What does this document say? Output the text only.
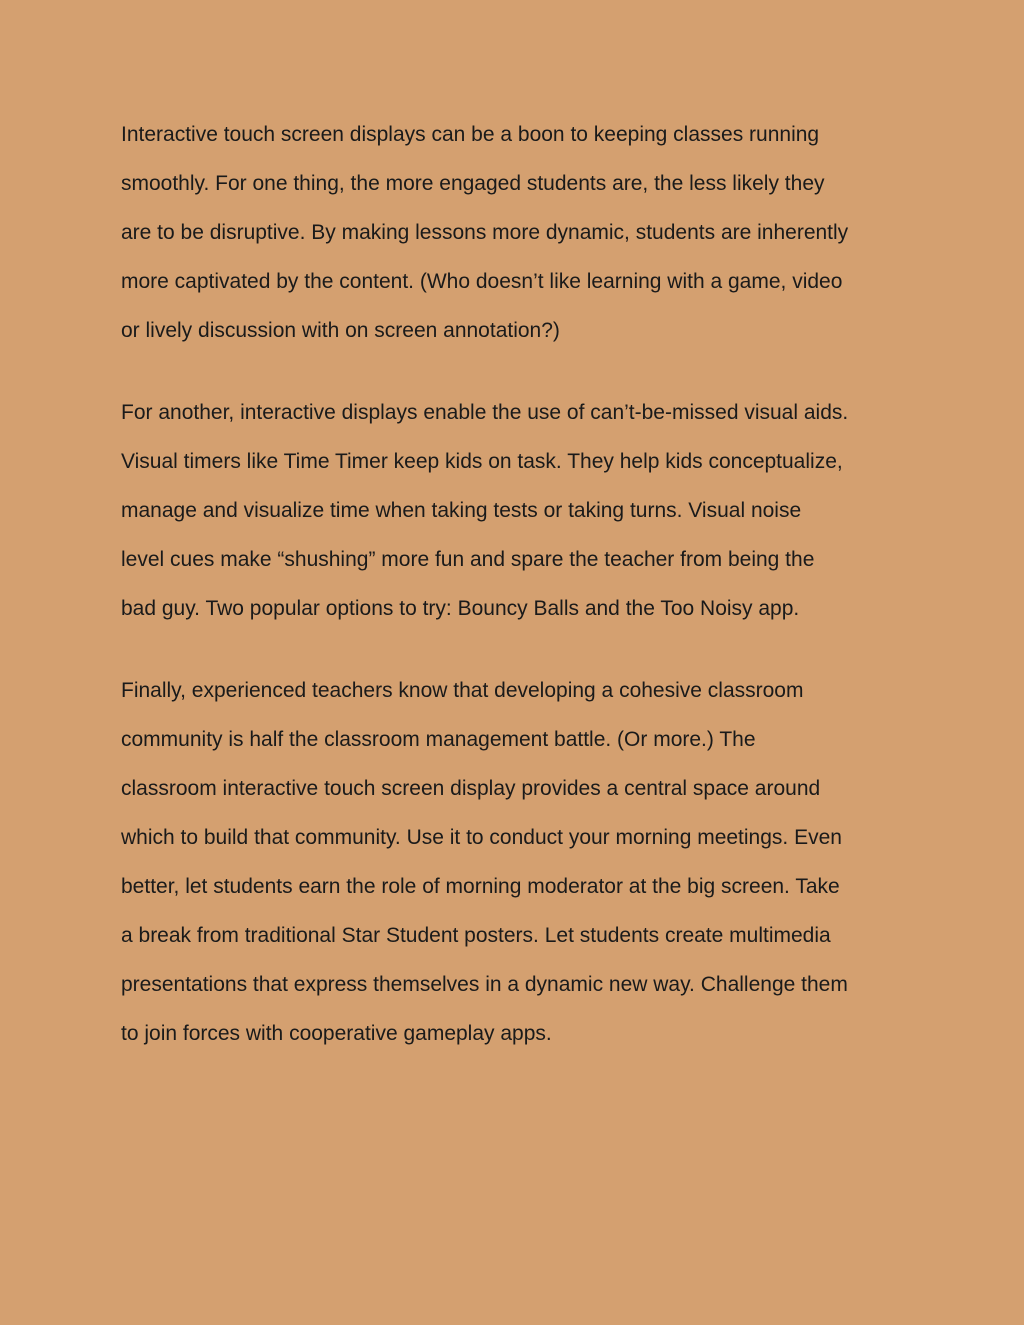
Interactive touch screen displays can be a boon to keeping classes running
smoothly. For one thing, the more engaged students are, the less likely they
are to be disruptive. By making lessons more dynamic, students are inherently
more captivated by the content. (Who doesn’t like learning with a game, video
or lively discussion with on screen annotation?)

For another, interactive displays enable the use of can’t-be-missed visual aids.
Visual timers like Time Timer keep kids on task. They help kids conceptualize,
manage and visualize time when taking tests or taking turns. Visual noise
level cues make “shushing” more fun and spare the teacher from being the
bad guy. Two popular options to try: Bouncy Balls and the Too Noisy app.

Finally, experienced teachers know that developing a cohesive classroom
community is half the classroom management battle. (Or more.) The
classroom interactive touch screen display provides a central space around
which to build that community. Use it to conduct your morning meetings. Even
better, let students earn the role of morning moderator at the big screen. Take
a break from traditional Star Student posters. Let students create multimedia
presentations that express themselves in a dynamic new way. Challenge them
to join forces with cooperative gameplay apps.
